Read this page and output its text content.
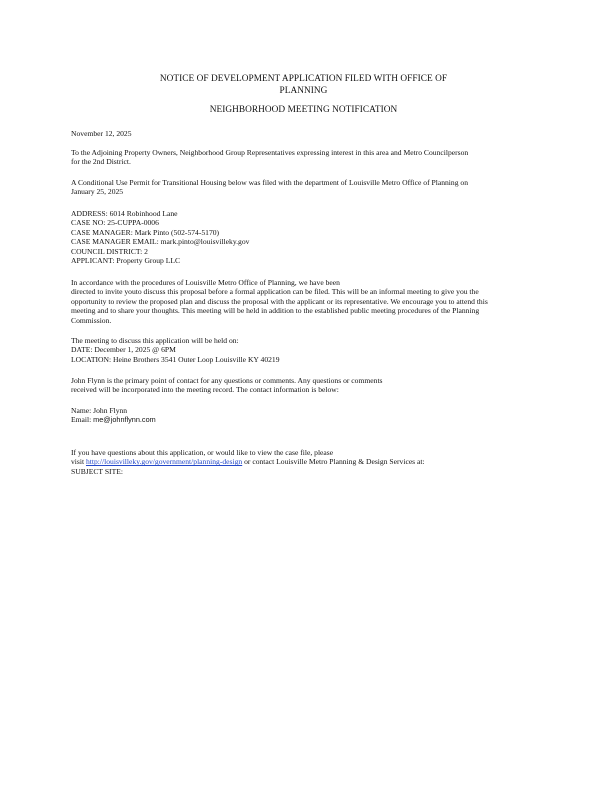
NOTICE OF DEVELOPMENT APPLICATION FILED WITH OFFICE OF
PLANNING
NEIGHBORHOOD MEETING NOTIFICATION
November 12, 2025
To the Adjoining Property Owners, Neighborhood Group Representatives expressing interest in this area and Metro Councilperson
for the 2nd District.
A Conditional Use Permit for Transitional Housing below was filed with the department of Louisville Metro Office of Planning on
January 25, 2025
ADDRESS: 6014 Robinhood Lane
CASE NO: 25-CUPPA-0006
CASE MANAGER: Mark Pinto (502-574-5170)
CASE MANAGER EMAIL: mark.pinto@louisvilleky.gov
COUNCIL DISTRICT: 2
APPLICANT: Property Group LLC
In accordance with the procedures of Louisville Metro Office of Planning, we have been
directed to invite youto discuss this proposal before a formal application can be filed. This will be an informal meeting to give you the
opportunity to review the proposed plan and discuss the proposal with the applicant or its representative. We encourage you to attend this
meeting and to share your thoughts. This meeting will be held in addition to the established public meeting procedures of the Planning
Commission.
The meeting to discuss this application will be held on:
DATE: December 1, 2025 @ 6PM
LOCATION: Heine Brothers 3541 Outer Loop Louisville KY 40219
John Flynn is the primary point of contact for any questions or comments. Any questions or comments
received will be incorporated into the meeting record. The contact information is below:
Name: John Flynn
Email: me@johnflynn.com
If you have questions about this application, or would like to view the case file, please
visit http://louisvilleky.gov/government/planning-design or contact Louisville Metro Planning & Design Services at:
SUBJECT SITE:
